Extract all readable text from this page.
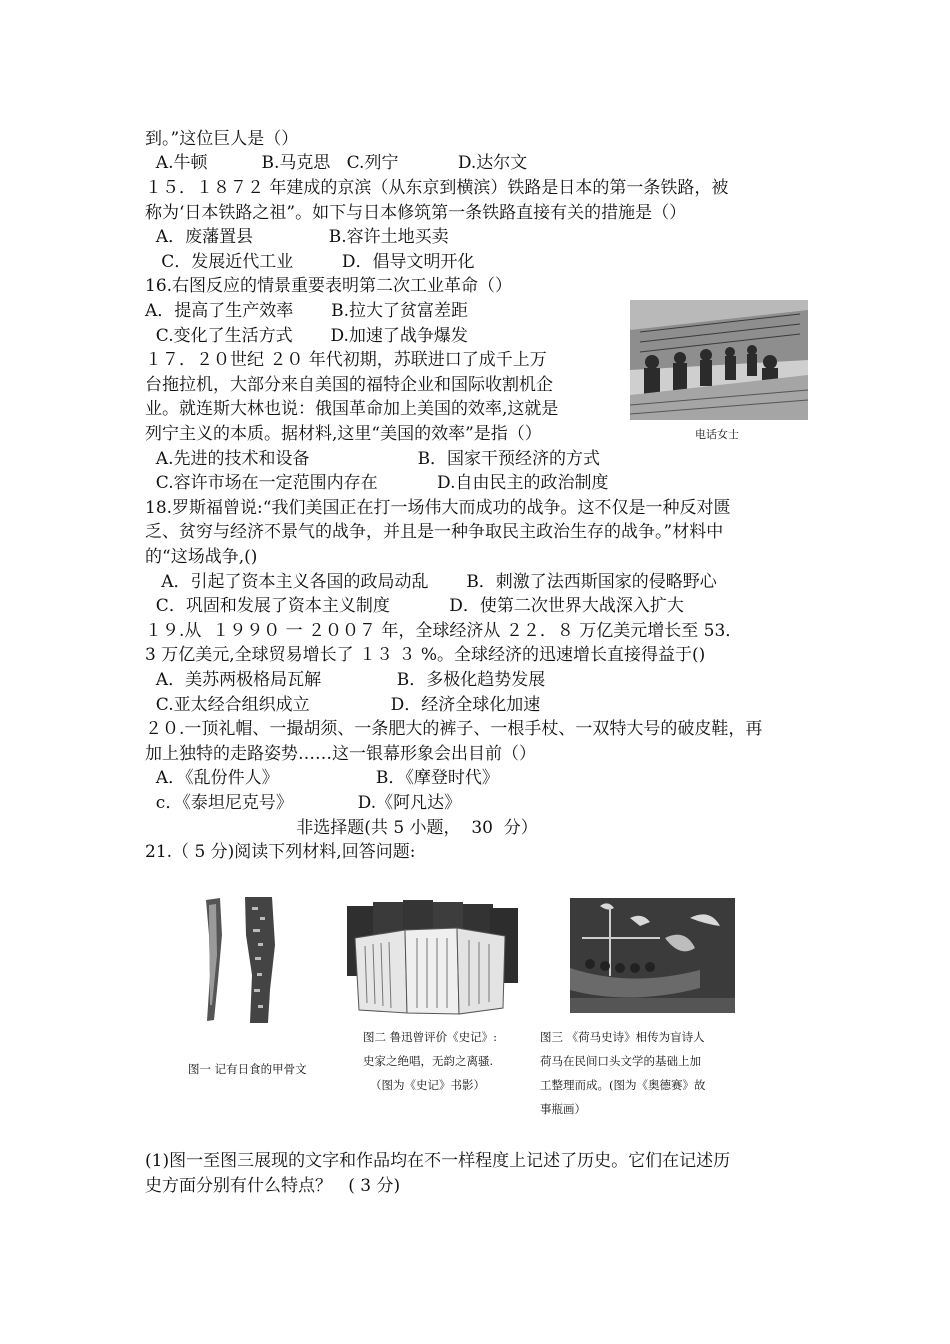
到。”这位巨人是（）
A.牛顿          B.马克思   C.列宁           D.达尔文
１５．１８７２ 年建成的京滨（从东京到横滨）铁路是日本的第一条铁路，被
称为‘日本铁路之祖”。如下与日本修筑第一条铁路直接有关的措施是（）
A．废藩置县              B.容许土地买卖
C．发展近代工业         D．倡导文明开化
16.右图反应的情景重要表明第二次工业革命（）
A．提高了生产效率       B.拉大了贫富差距
C.变化了生活方式       D.加速了战争爆发
１７．２０世纪 ２０ 年代初期，苏联进口了成千上万
台拖拉机，大部分来自美国的福特企业和国际收割机企
业。就连斯大林也说：俄国革命加上美国的效率,这就是
列宁主义的本质。据材料,这里“美国的效率”是指（）
A.先进的技术和设备                    B．国家干预经济的方式
C.容许市场在一定范围内存在           D.自由民主的政治制度
18.罗斯福曾说:“我们美国正在打一场伟大而成功的战争。这不仅是一种反对匮
乏、贫穷与经济不景气的战争，并且是一种争取民主政治生存的战争。”材料中
的“这场战争,()
A．引起了资本主义各国的政局动乱       B．刺激了法西斯国家的侵略野心
C．巩固和发展了资本主义制度           D．使第二次世界大战深入扩大
１９.从  １９９０ 一 ２００７ 年，全球经济从 ２２．８ 万亿美元增长至 53．
3 万亿美元,全球贸易增长了 １３ ３ %。全球经济的迅速增长直接得益于()
A．美苏两极格局瓦解              B．多极化趋势发展
C.亚太经合组织成立               D．经济全球化加速
２０.一顶礼帽、一撮胡须、一条肥大的裤子、一根手杖、一双特大号的破皮鞋，再
加上独特的走路姿势……这一银幕形象会出目前（）
A．《乱份件人》                  B．《摩登时代》
c．《泰坦尼克号》            D.《阿凡达》
非选择题(共 5 小题，  30  分）
21.（ 5 分)阅读下列材料,回答问题:
电话女士
图一 记有日食的甲骨文
图二 鲁迅曾评价《史记》:
史家之绝唱，无韵之离骚.
（图为《史记》书影）
图三 《荷马史诗》相传为盲诗人
荷马在民间口头文学的基础上加
工整理而成。(图为《奥德赛》故
事瓶画）
(1)图一至图三展现的文字和作品均在不一样程度上记述了历史。它们在记述历
史方面分别有什么特点？   ( 3 分)
